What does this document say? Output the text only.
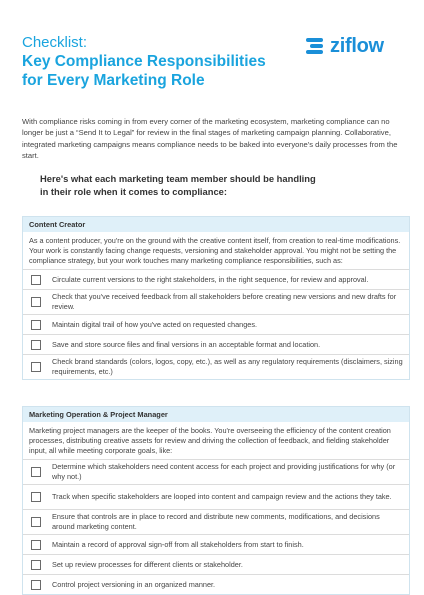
Checklist:
Key Compliance Responsibilities
for Every Marketing Role
ziflow
With compliance risks coming in from every corner of the marketing ecosystem, marketing compliance can no longer be just a “Send It to Legal” for review in the final stages of marketing campaign planning. Collaborative, integrated marketing campaigns means compliance needs to be baked into everyone's daily processes from the start.
Here's what each marketing team member should be handling
in their role when it comes to compliance:
Content Creator
As a content producer, you're on the ground with the creative content itself, from creation to real-time modifications. Your work is constantly facing change requests, versioning and stakeholder approval. You might not be setting the compliance strategy, but your work touches many marketing compliance responsibilities, such as:
Circulate current versions to the right stakeholders, in the right sequence, for review and approval.
Check that you've received feedback from all stakeholders before creating new versions and new drafts for review.
Maintain digital trail of how you've acted on requested changes.
Save and store source files and final versions in an acceptable format and location.
Check brand standards (colors, logos, copy, etc.), as well as any regulatory requirements (disclaimers, sizing requirements, etc.)
Marketing Operation & Project Manager
Marketing project managers are the keeper of the books. You're overseeing the efficiency of the content creation processes, distributing creative assets for review and driving the collection of feedback, and fielding stakeholder input, all while meeting corporate goals, like:
Determine which stakeholders need content access for each project and providing justifications for why (or why not.)
Track when specific stakeholders are looped into content and campaign review and the actions they take.
Ensure that controls are in place to record and distribute new comments, modifications, and decisions around marketing content.
Maintain a record of approval sign-off from all stakeholders from start to finish.
Set up review processes for different clients or stakeholder.
Control project versioning in an organized manner.
